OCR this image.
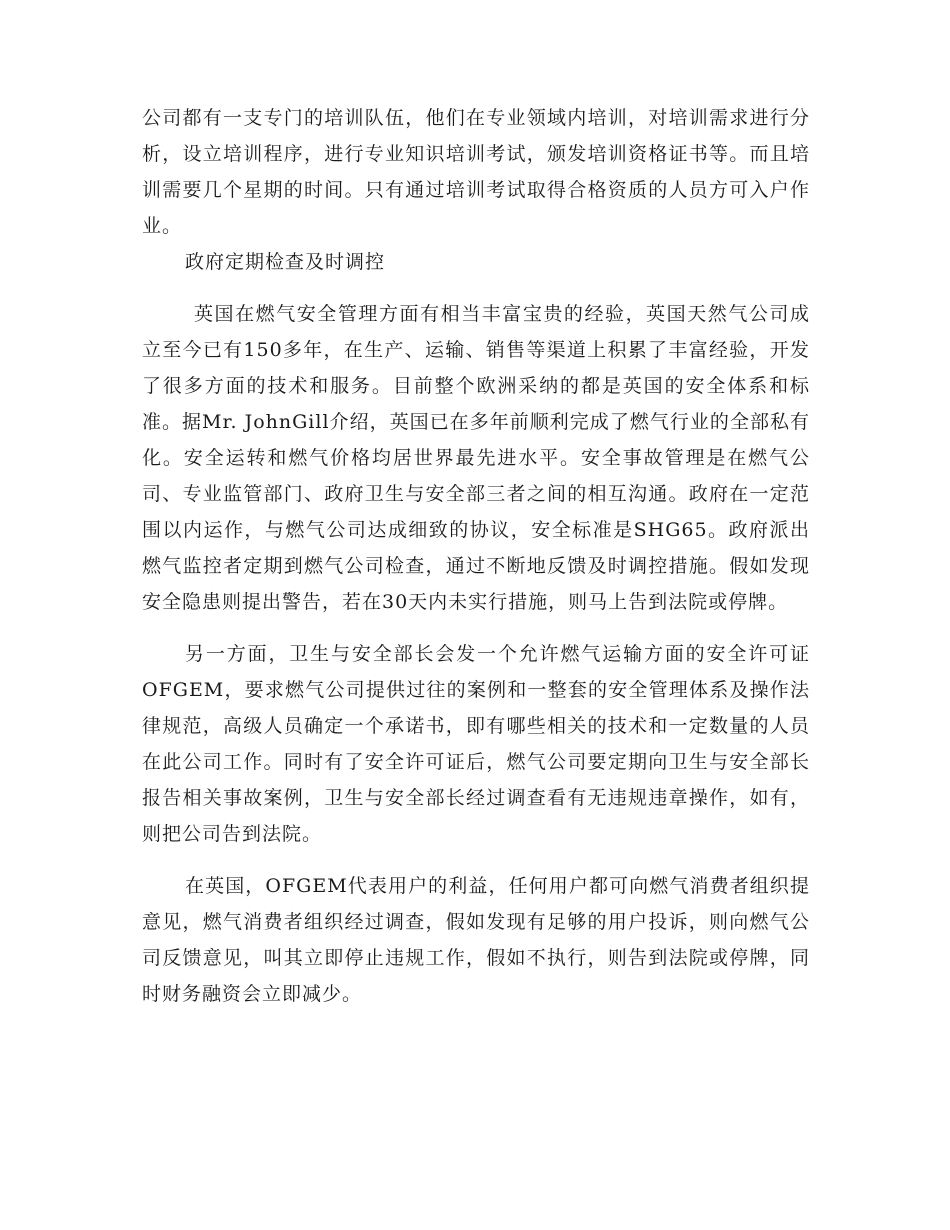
公司都有一支专门的培训队伍，他们在专业领域内培训，对培训需求进行分析，设立培训程序，进行专业知识培训考试，颁发培训资格证书等。而且培训需要几个星期的时间。只有通过培训考试取得合格资质的人员方可入户作业。

政府定期检查及时调控

英国在燃气安全管理方面有相当丰富宝贵的经验，英国天然气公司成立至今已有150多年，在生产、运输、销售等渠道上积累了丰富经验，开发了很多方面的技术和服务。目前整个欧洲采纳的都是英国的安全体系和标准。据Mr. JohnGill介绍，英国已在多年前顺利完成了燃气行业的全部私有化。安全运转和燃气价格均居世界最先进水平。安全事故管理是在燃气公司、专业监管部门、政府卫生与安全部三者之间的相互沟通。政府在一定范围以内运作，与燃气公司达成细致的协议，安全标准是SHG65。政府派出燃气监控者定期到燃气公司检查，通过不断地反馈及时调控措施。假如发现安全隐患则提出警告，若在30天内未实行措施，则马上告到法院或停牌。

另一方面，卫生与安全部长会发一个允许燃气运输方面的安全许可证OFGEM，要求燃气公司提供过往的案例和一整套的安全管理体系及操作法律规范，高级人员确定一个承诺书，即有哪些相关的技术和一定数量的人员在此公司工作。同时有了安全许可证后，燃气公司要定期向卫生与安全部长报告相关事故案例，卫生与安全部长经过调查看有无违规违章操作，如有，则把公司告到法院。

在英国，OFGEM代表用户的利益，任何用户都可向燃气消费者组织提意见，燃气消费者组织经过调查，假如发现有足够的用户投诉，则向燃气公司反馈意见，叫其立即停止违规工作，假如不执行，则告到法院或停牌，同时财务融资会立即减少。
